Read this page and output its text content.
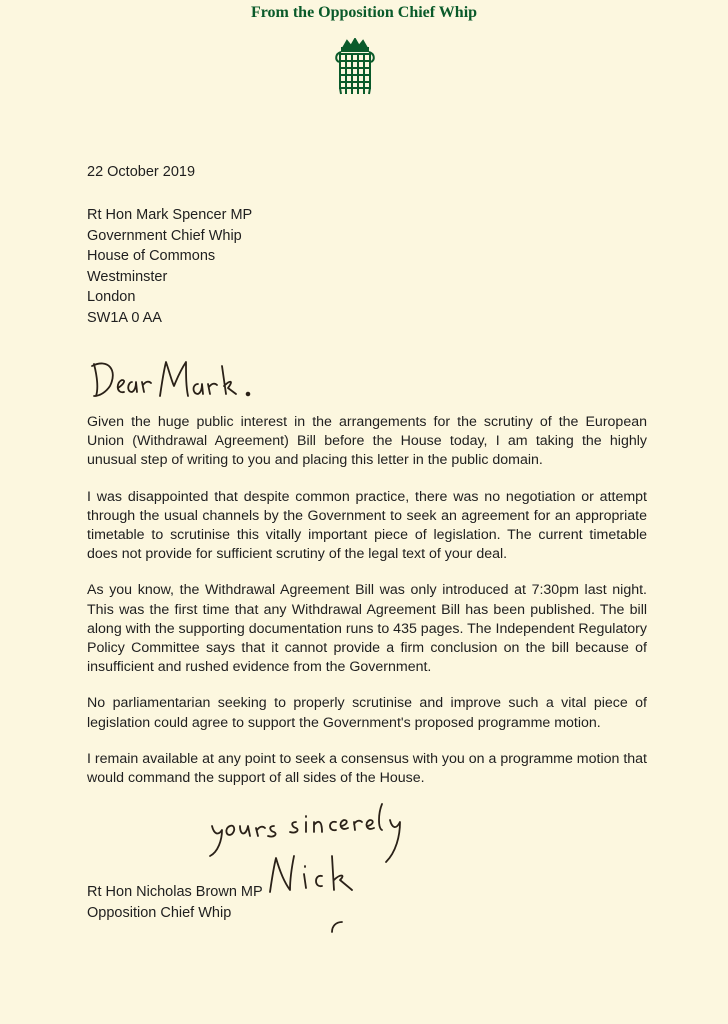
From the Opposition Chief Whip
22 October 2019
Rt Hon Mark Spencer MP
Government Chief Whip
House of Commons
Westminster
London
SW1A 0 AA

Given the huge public interest in the arrangements for the scrutiny of the European Union (Withdrawal Agreement) Bill before the House today, I am taking the highly unusual step of writing to you and placing this letter in the public domain.

I was disappointed that despite common practice, there was no negotiation or attempt through the usual channels by the Government to seek an agreement for an appropriate timetable to scrutinise this vitally important piece of legislation. The current timetable does not provide for sufficient scrutiny of the legal text of your deal.

As you know, the Withdrawal Agreement Bill was only introduced at 7:30pm last night. This was the first time that any Withdrawal Agreement Bill has been published. The bill along with the supporting documentation runs to 435 pages. The Independent Regulatory Policy Committee says that it cannot provide a firm conclusion on the bill because of insufficient and rushed evidence from the Government.

No parliamentarian seeking to properly scrutinise and improve such a vital piece of legislation could agree to support the Government's proposed programme motion.

I remain available at any point to seek a consensus with you on a programme motion that would command the support of all sides of the House.

Rt Hon Nicholas Brown MP
Opposition Chief Whip
